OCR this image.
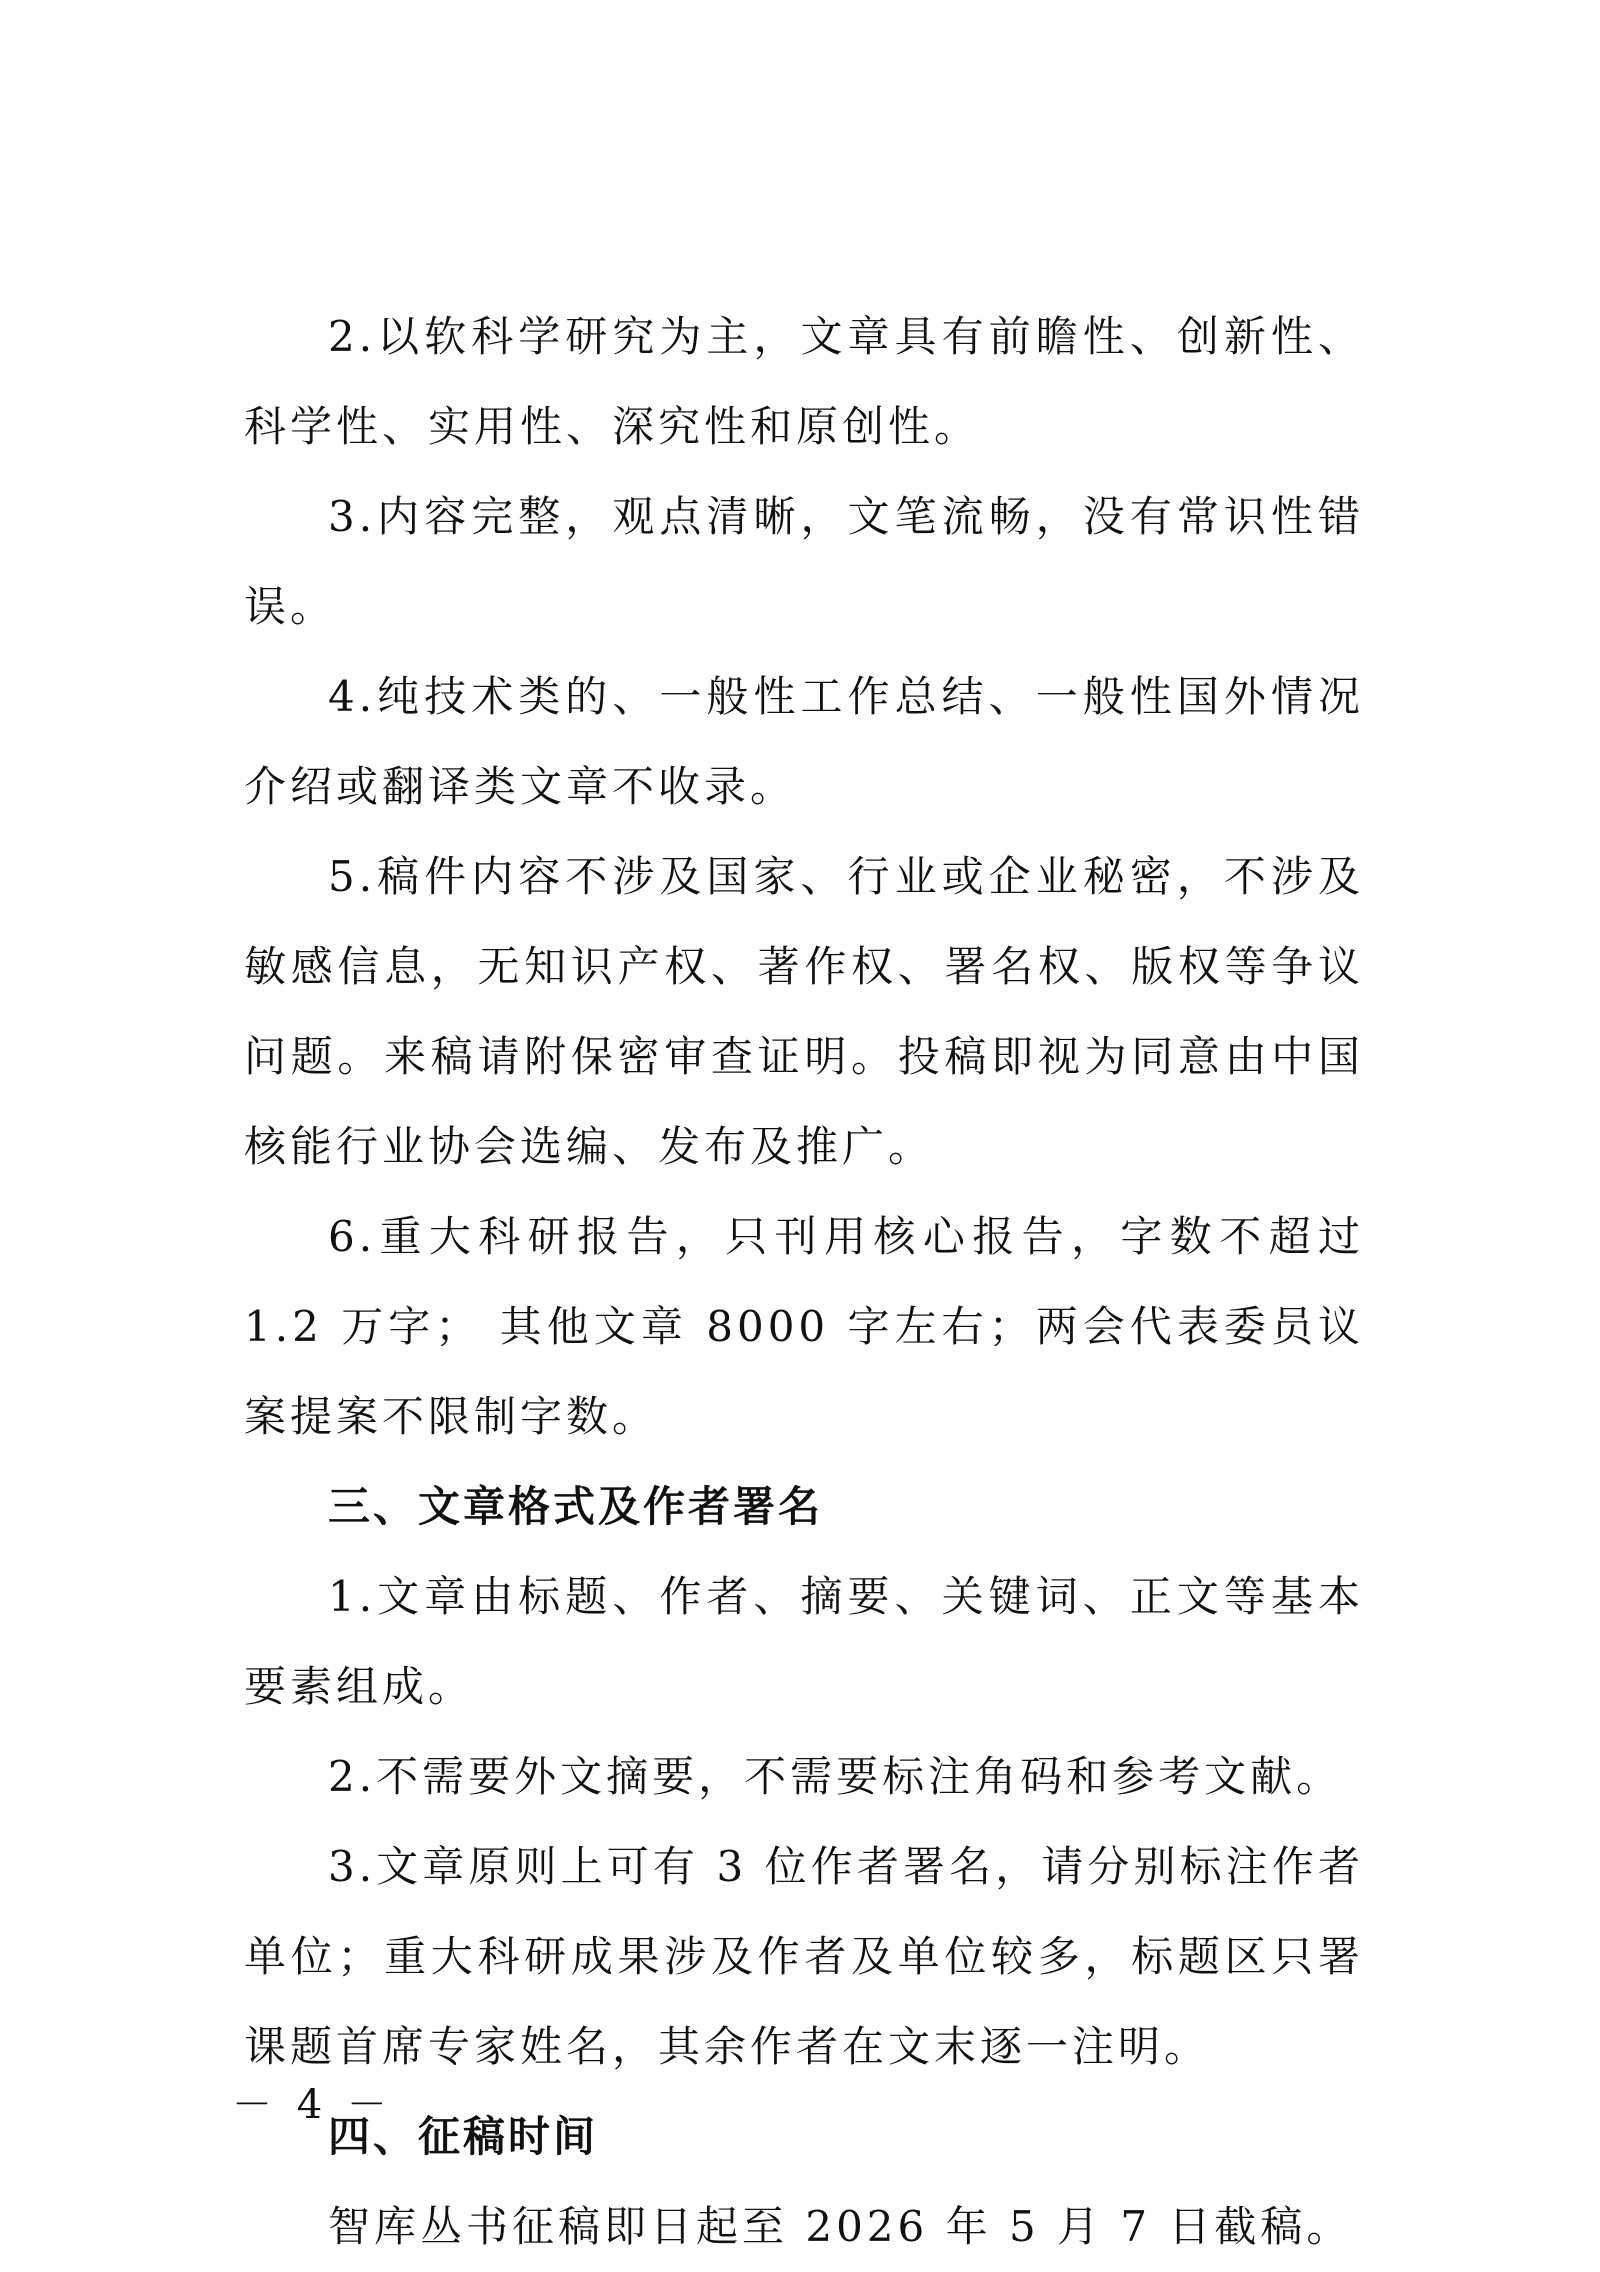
2.以软科学研究为主，文章具有前瞻性、创新性、科学性、实用性、深究性和原创性。

3.内容完整，观点清晰，文笔流畅，没有常识性错误。

4.纯技术类的、一般性工作总结、一般性国外情况介绍或翻译类文章不收录。

5.稿件内容不涉及国家、行业或企业秘密，不涉及敏感信息，无知识产权、著作权、署名权、版权等争议问题。来稿请附保密审查证明。投稿即视为同意由中国核能行业协会选编、发布及推广。

6.重大科研报告，只刊用核心报告，字数不超过 1.2 万字； 其他文章 8000 字左右；两会代表委员议案提案不限制字数。

三、文章格式及作者署名

1.文章由标题、作者、摘要、关键词、正文等基本要素组成。

2.不需要外文摘要，不需要标注角码和参考文献。

3.文章原则上可有 3 位作者署名，请分别标注作者单位；重大科研成果涉及作者及单位较多，标题区只署课题首席专家姓名，其余作者在文末逐一注明。

四、征稿时间

智库丛书征稿即日起至 2026 年 5 月 7 日截稿。

－ 4 －
